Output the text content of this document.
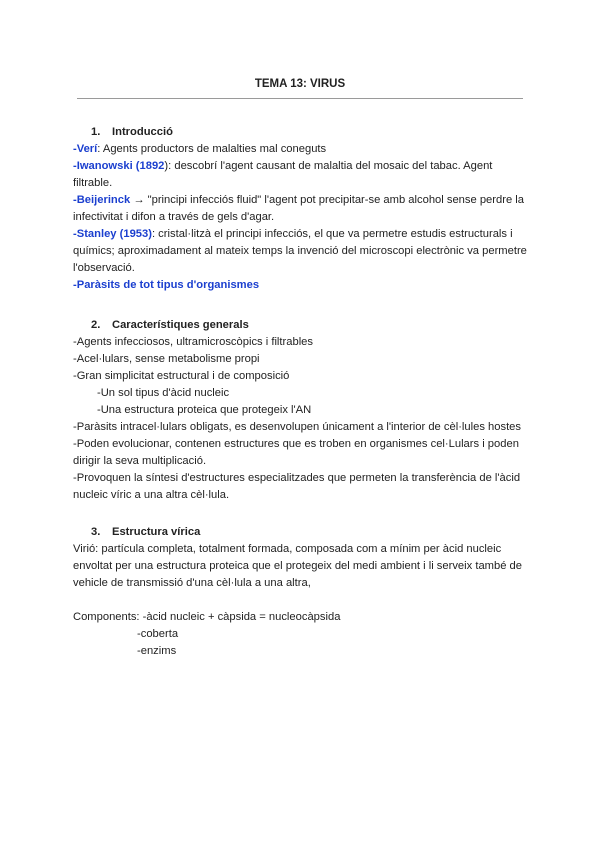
TEMA 13: VIRUS
1. Introducció
-Verí: Agents productors de malalties mal coneguts
-Iwanowski (1892): descobrí l'agent causant de malaltia del mosaic del tabac. Agent filtrable.
-Beijerinck → "principi infecciós fluid" l'agent pot precipitar-se amb alcohol sense perdre la infectivitat i difon a través de gels d'agar.
-Stanley (1953): cristal·litzà el principi infecciós, el que va permetre estudis estructurals i químics; aproximadament al mateix temps la invenció del microscopi electrònic va permetre l'observació.
-Paràsits de tot tipus d'organismes
2. Característiques generals
-Agents infecciosos, ultramicroscòpics i filtrables
-Acel·lulars, sense metabolisme propi
-Gran simplicitat estructural i de composició
-Un sol tipus d'àcid nucleic
-Una estructura proteica que protegeix l'AN
-Paràsits intracel·lulars obligats, es desenvolupen únicament a l'interior de cèl·lules hostes
-Poden evolucionar, contenen estructures que es troben en organismes cel·Lulars i poden dirigir la seva multiplicació.
-Provoquen la síntesi d'estructures especialitzades que permeten la transferència de l'àcid nucleic víric a una altra cèl·lula.
3. Estructura vírica
Virió: partícula completa, totalment formada, composada com a mínim per àcid nucleic envoltat per una estructura proteica que el protegeix del medi ambient i li serveix també de vehicle de transmissió d'una cèl·lula a una altra,
Components: -àcid nucleic + càpsida = nucleocàpsida
-coberta
-enzims
